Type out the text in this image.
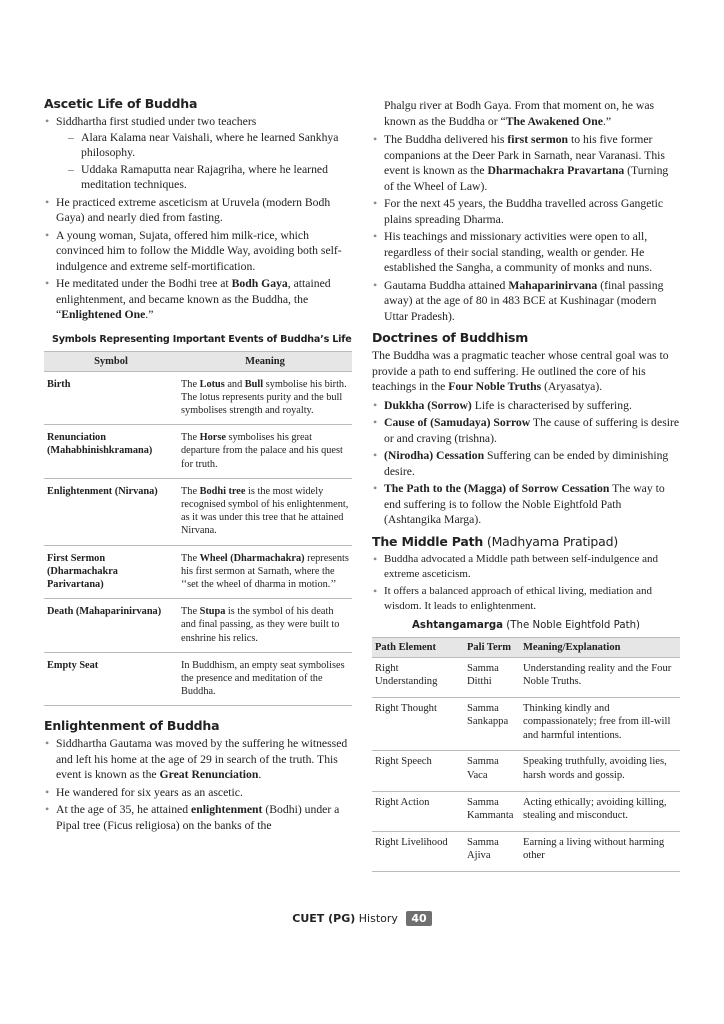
Ascetic Life of Buddha
• Siddhartha first studied under two teachers
– Alara Kalama near Vaishali, where he learned Sankhya philosophy.
– Uddaka Ramaputta near Rajagriha, where he learned meditation techniques.
• He practiced extreme asceticism at Uruvela (modern Bodh Gaya) and nearly died from fasting.
• A young woman, Sujata, offered him milk-rice, which convinced him to follow the Middle Way, avoiding both self-indulgence and extreme self-mortification.
• He meditated under the Bodhi tree at Bodh Gaya, attained enlightenment, and became known as the Buddha, the “Enlightened One.”
Symbols Representing Important Events of Buddha’s Life
Symbol	Meaning
Birth	The Lotus and Bull symbolise his birth. The lotus represents purity and the bull symbolises strength and royalty.
Renunciation (Mahabhinishkramana)	The Horse symbolises his great departure from the palace and his quest for truth.
Enlightenment (Nirvana)	The Bodhi tree is the most widely recognised symbol of his enlightenment, as it was under this tree that he attained Nirvana.
First Sermon (Dharmachakra Parivartana)	The Wheel (Dharmachakra) represents his first sermon at Sarnath, where the ‘‘set the wheel of dharma in motion.’’
Death (Mahaparinirvana)	The Stupa is the symbol of his death and final passing, as they were built to enshrine his relics.
Empty Seat	In Buddhism, an empty seat symbolises the presence and meditation of the Buddha.
Enlightenment of Buddha
• Siddhartha Gautama was moved by the suffering he witnessed and left his home at the age of 29 in search of the truth. This event is known as the Great Renunciation.
• He wandered for six years as an ascetic.
• At the age of 35, he attained enlightenment (Bodhi) under a Pipal tree (Ficus religiosa) on the banks of the

Phalgu river at Bodh Gaya. From that moment on, he was known as the Buddha or “The Awakened One.”

• The Buddha delivered his first sermon to his five former companions at the Deer Park in Sarnath, near Varanasi. This event is known as the Dharmachakra Pravartana (Turning of the Wheel of Law).
• For the next 45 years, the Buddha travelled across Gangetic plains spreading Dharma.
• His teachings and missionary activities were open to all, regardless of their social standing, wealth or gender. He established the Sangha, a community of monks and nuns.
• Gautama Buddha attained Mahaparinirvana (final passing away) at the age of 80 in 483 BCE at Kushinagar (modern Uttar Pradesh).
Doctrines of Buddhism

The Buddha was a pragmatic teacher whose central goal was to provide a path to end suffering. He outlined the core of his teachings in the Four Noble Truths (Aryasatya).

• Dukkha (Sorrow) Life is characterised by suffering.
• Cause of (Samudaya) Sorrow The cause of suffering is desire or and craving (trishna).
• (Nirodha) Cessation Suffering can be ended by diminishing desire.
• The Path to the (Magga) of Sorrow Cessation The way to end suffering is to follow the Noble Eightfold Path (Ashtangika Marga).
The Middle Path (Madhyama Pratipad)
• Buddha advocated a Middle path between self-indulgence and extreme asceticism.
• It offers a balanced approach of ethical living, mediation and wisdom. It leads to enlightenment.
Ashtangamarga (The Noble Eightfold Path)
Path Element	Pali Term	Meaning/Explanation
Right Understanding	Samma Ditthi	Understanding reality and the Four Noble Truths.
Right Thought	Samma Sankappa	Thinking kindly and compassionately; free from ill-will and harmful intentions.
Right Speech	Samma Vaca	Speaking truthfully, avoiding lies, harsh words and gossip.
Right Action	Samma Kammanta	Acting ethically; avoiding killing, stealing and misconduct.
Right Livelihood	Samma Ajiva	Earning a living without harming other
CUET (PG) History 40
